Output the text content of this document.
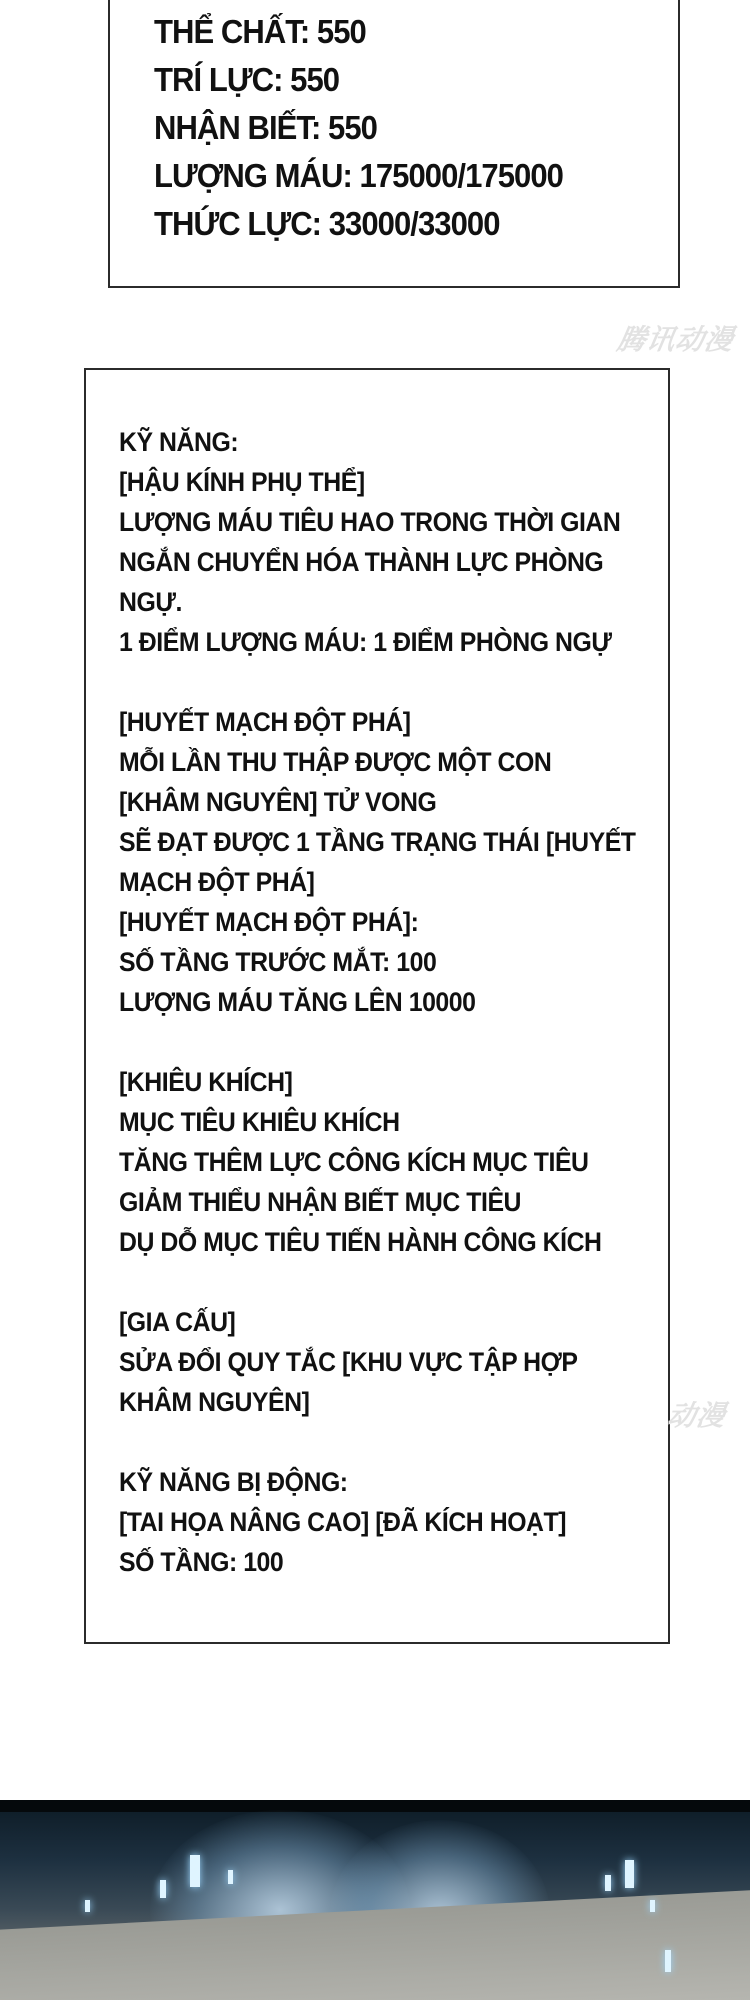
THỂ CHẤT: 550
TRÍ LỰC: 550
NHẬN BIẾT: 550
LƯỢNG MÁU: 175000/175000
THỨC LỰC: 33000/33000
腾讯动漫
KỸ NĂNG:
[HẬU KÍNH PHỤ THỂ]
LƯỢNG MÁU TIÊU HAO TRONG THỜI GIAN
NGẮN CHUYỂN HÓA THÀNH LỰC PHÒNG
NGỰ.
1 ĐIỂM LƯỢNG MÁU: 1 ĐIỂM PHÒNG NGỰ
[HUYẾT MẠCH ĐỘT PHÁ]
MỖI LẦN THU THẬP ĐƯỢC MỘT CON
[KHÂM NGUYÊN] TỬ VONG
SẼ ĐẠT ĐƯỢC 1 TẦNG TRẠNG THÁI [HUYẾT
MẠCH ĐỘT PHÁ]
[HUYẾT MẠCH ĐỘT PHÁ]:
SỐ TẦNG TRƯỚC MẮT: 100
LƯỢNG MÁU TĂNG LÊN 10000
[KHIÊU KHÍCH]
MỤC TIÊU KHIÊU KHÍCH
TĂNG THÊM LỰC CÔNG KÍCH MỤC TIÊU
GIẢM THIỂU NHẬN BIẾT MỤC TIÊU
DỤ DỖ MỤC TIÊU TIẾN HÀNH CÔNG KÍCH
[GIA CẤU]
SỬA ĐỔI QUY TẮC [KHU VỰC TẬP HỢP
KHÂM NGUYÊN]
KỸ NĂNG BỊ ĐỘNG:
[TAI HỌA NÂNG CAO] [ĐÃ KÍCH HOẠT]
SỐ TẦNG: 100
动漫
